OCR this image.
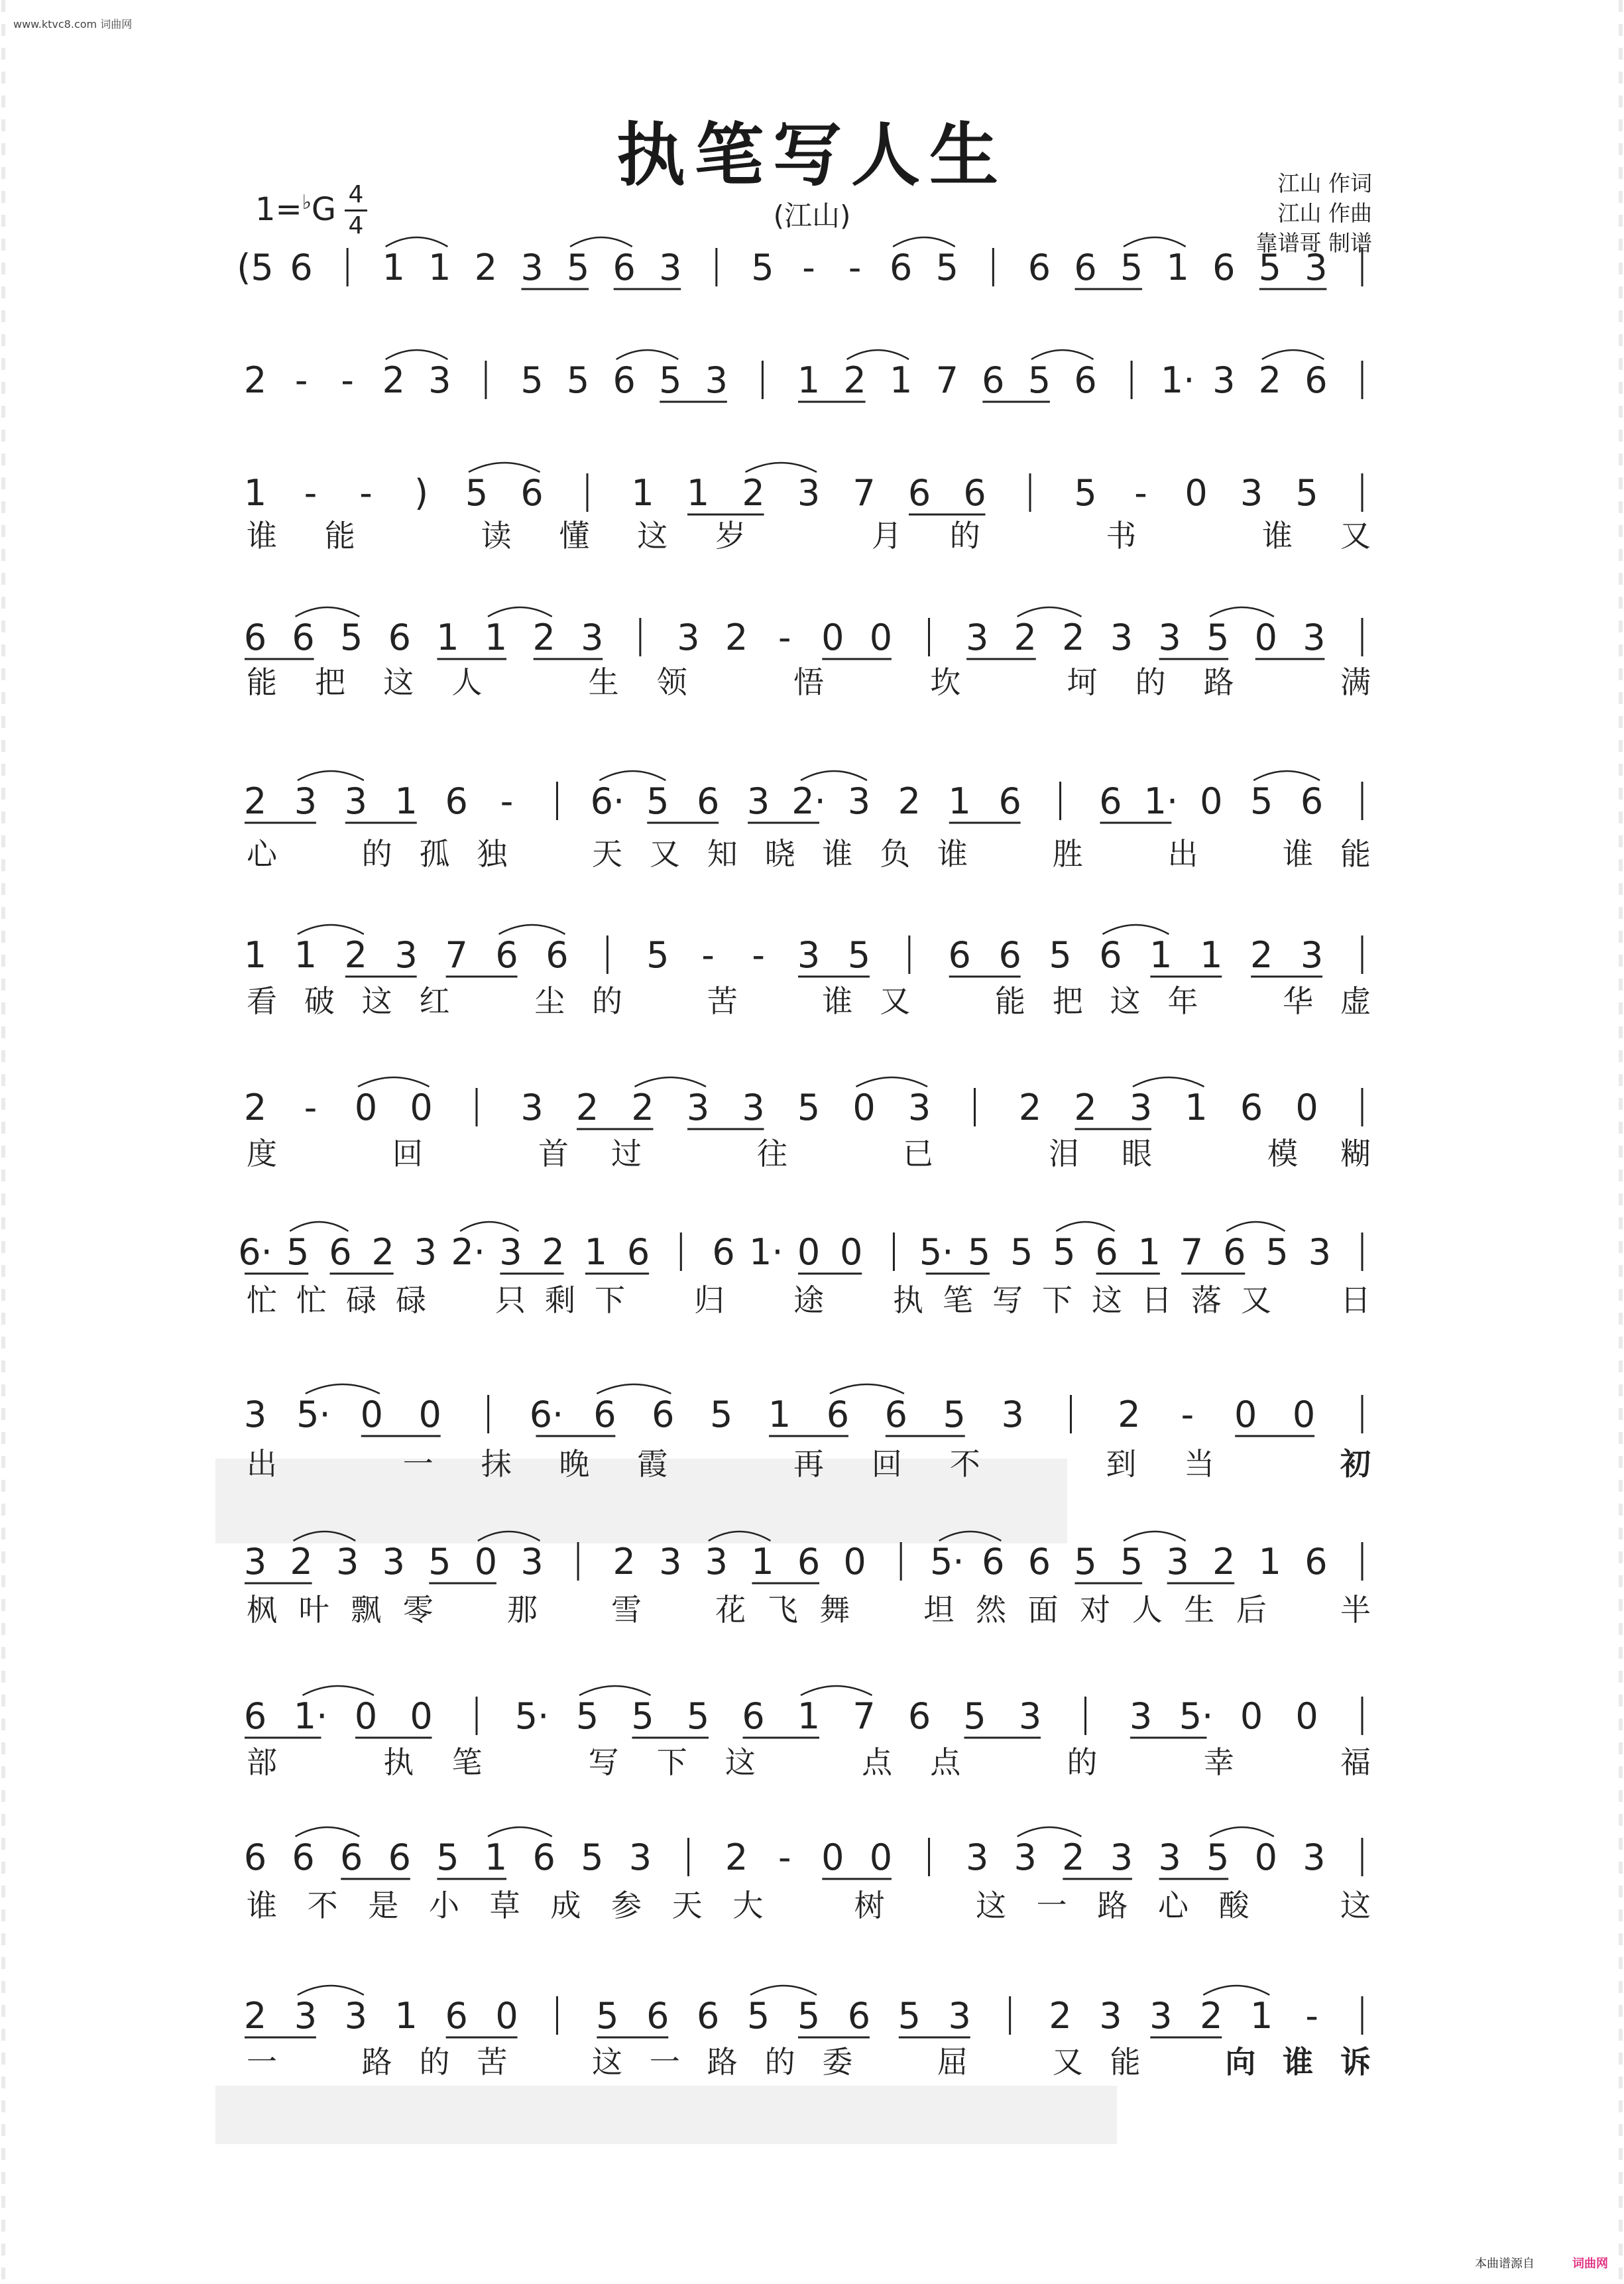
www.ktvc8.com 词曲网
执笔写人生
1=♭G 4
4	(江山)
江山 作词
江山 作曲
靠谱哥 制谱
(5 6 1 1 2 3 5 6 3 5 - - 6 5 6 6 5 1 6 5 3
2 - - 2 3 5 5 6 5 3 1 2 1 7 6 5 6 1· 3 2 6
1 - - ) 5 6 1 1 2 3 7 6 6 5 - 0 3 5
谁 能	读 懂 这 岁	月 的	书	谁 又
6 6 5 6 1 1 2 3 3 2 - 0 0 3 2 2 3 3 5 0 3
能 把 这 人	生 领	悟	坎	坷 的 路	满
2 3 3 1 6 - 6· 5 6 3 2· 3 2 1 6 6 1· 0 5 6
心	的 孤 独	天 又 知 晓 谁 负 谁	胜	出	谁 能
1 1 2 3 7 6 6 5 - - 3 5 6 6 5 6 1 1 2 3
看 破 这 红	尘 的	苦	谁 又	能 把 这 年	华 虚
2 - 0 0 3 2 2 3 3 5 0 3 2 2 3 1 6 0
度	回	首 过	往	已	泪 眼	模 糊
6· 5 6 2 3 2· 3 2 1 6 6 1· 0 0 5· 5 5 5 6 1 7 6 5 3
忙 忙 碌 碌 只 剩 下 归 途 执 笔 写 下 这 日 落 又 日
3 5· 0 0 6· 6 6 5 1 6 6 5 3	2 - 0 0
出	一 抹 晚 霞	再 回 不	到 当	初
3 2 3 3 5 0 3 2 3 3 1 6 0 5· 6 6 5 5 3 2 1 6
枫 叶 飘 零 那 雪 花 飞 舞 坦 然 面 对 人 生 后 半
6 1· 0 0 5· 5 5 5 6 1 7 6 5 3 3 5· 0 0
部	执 笔	写 下 这	点 点	的	幸	福
6 6 6 6 5 1 6 5 3 2 - 0 0 3 3 2 3 3 5 0 3
谁 不 是 小 草 成 参 天 大	树	这 一 路 心 酸	这
2 3 3 1 6 0 5 6 6 5 5 6 5 3 2 3 3 2 1 -
一	路 的 苦	这 一 路 的 委	屈	又 能	向 谁 诉
本曲谱源自	词曲网
